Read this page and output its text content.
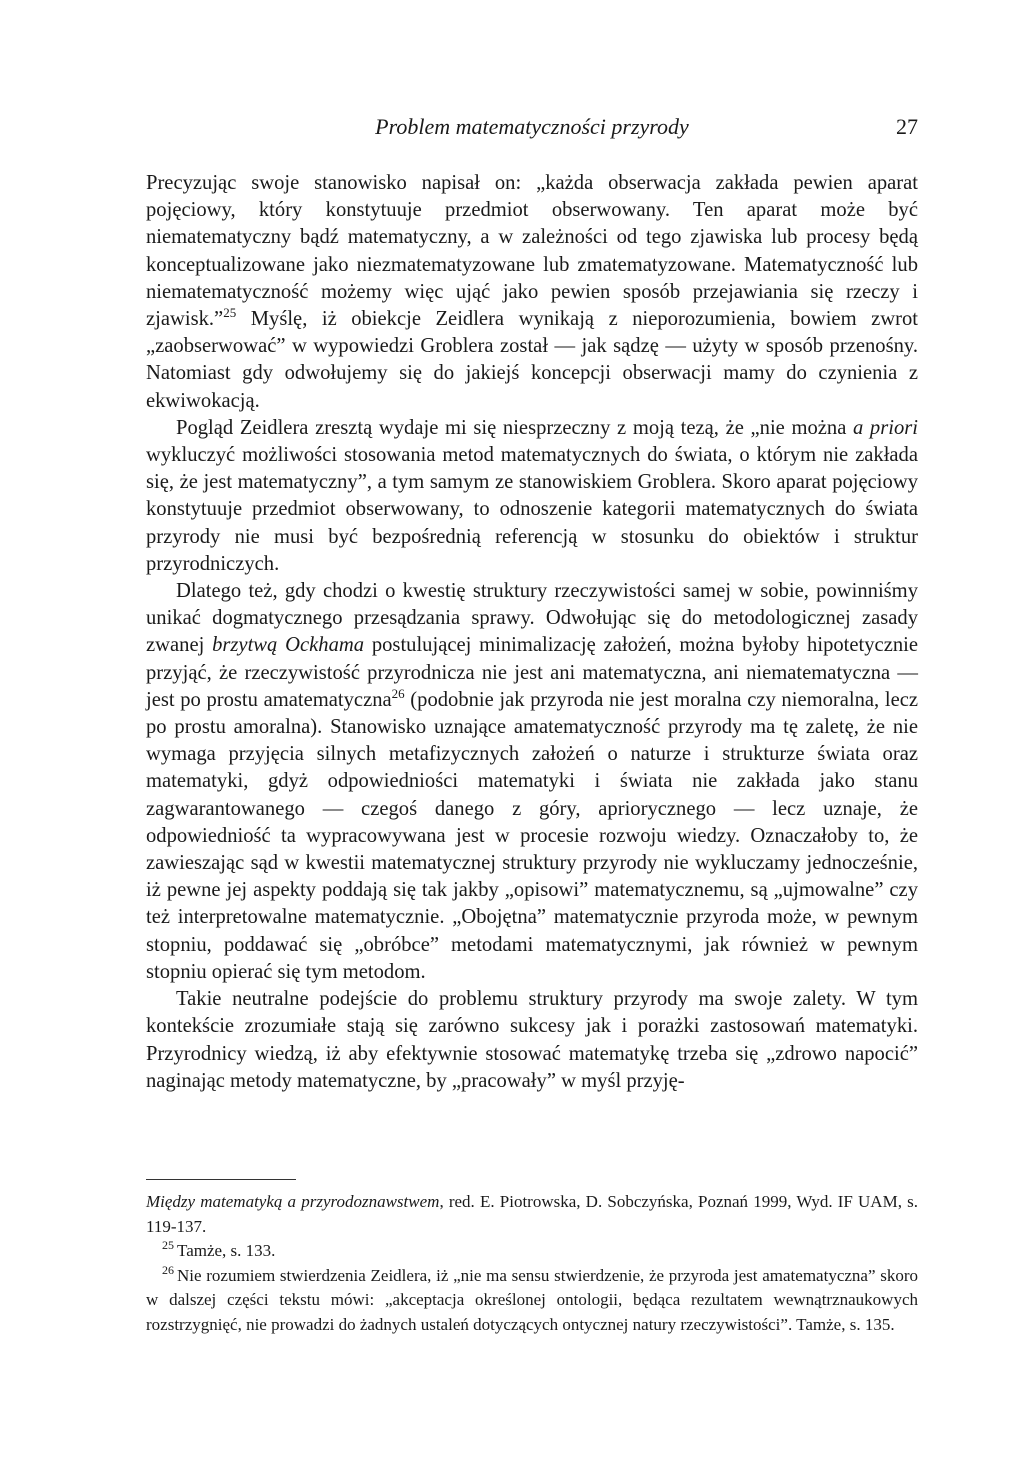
Problem matematyczności przyrody	27

Precyzując swoje stanowisko napisał on: „każda obserwacja zakłada pewien aparat pojęciowy, który konstytuuje przedmiot obserwowany. Ten aparat może być niematematyczny bądź matematyczny, a w zależności od tego zjawiska lub procesy będą konceptualizowane jako niezmatematyzowane lub zmatematyzowane. Matematyczność lub niematematyczność możemy więc ująć jako pewien sposób przejawiania się rzeczy i zjawisk.”$^{25}$ Myślę, iż obiekcje Zeidlera wynikają z nieporozumienia, bowiem zwrot „zaobserwować” w wypowiedzi Groblera został — jak sądzę — użyty w sposób przenośny. Natomiast gdy odwołujemy się do jakiejś koncepcji obserwacji mamy do czynienia z ekwiwokacją.

Pogląd Zeidlera zresztą wydaje mi się niesprzeczny z moją tezą, że „nie można a priori wykluczyć możliwości stosowania metod matematycznych do świata, o którym nie zakłada się, że jest matematyczny”, a tym samym ze stanowiskiem Groblera. Skoro aparat pojęciowy konstytuuje przedmiot obserwowany, to odnoszenie kategorii matematycznych do świata przyrody nie musi być bezpośrednią referencją w stosunku do obiektów i struktur przyrodniczych.

Dlatego też, gdy chodzi o kwestię struktury rzeczywistości samej w sobie, powinniśmy unikać dogmatycznego przesądzania sprawy. Odwołując się do metodologicznej zasady zwanej brzytwą Ockhama postulującej minimalizację założeń, można byłoby hipotetycznie przyjąć, że rzeczywistość przyrodnicza nie jest ani matematyczna, ani niematematyczna — jest po prostu amatematyczna$^{26}$ (podobnie jak przyroda nie jest moralna czy niemoralna, lecz po prostu amoralna). Stanowisko uznające amatematyczność przyrody ma tę zaletę, że nie wymaga przyjęcia silnych metafizycznych założeń o naturze i strukturze świata oraz matematyki, gdyż odpowiedniości matematyki i świata nie zakłada jako stanu zagwarantowanego — czegoś danego z góry, apriorycznego — lecz uznaje, że odpowiedniość ta wypracowywana jest w procesie rozwoju wiedzy. Oznaczałoby to, że zawieszając sąd w kwestii matematycznej struktury przyrody nie wykluczamy jednocześnie, iż pewne jej aspekty poddają się tak jakby „opisowi” matematycznemu, są „ujmowalne” czy też interpretowalne matematycznie. „Obojętna” matematycznie przyroda może, w pewnym stopniu, poddawać się „obróbce” metodami matematycznymi, jak również w pewnym stopniu opierać się tym metodom.

Takie neutralne podejście do problemu struktury przyrody ma swoje zalety. W tym kontekście zrozumiałe stają się zarówno sukcesy jak i porażki zastosowań matematyki. Przyrodnicy wiedzą, iż aby efektywnie stosować matematykę trzeba się „zdrowo napocić” naginając metody matematyczne, by „pracowały” w myśl przyję-

Między matematyką a przyrodoznawstwem, red. E. Piotrowska, D. Sobczyńska, Poznań 1999, Wyd. IF UAM, s. 119-137.

$^{25}$ Tamże, s. 133.

$^{26}$ Nie rozumiem stwierdzenia Zeidlera, iż „nie ma sensu stwierdzenie, że przyroda jest amatematyczna” skoro w dalszej części tekstu mówi: „akceptacja określonej ontologii, będąca rezultatem wewnątrznaukowych rozstrzygnięć, nie prowadzi do żadnych ustaleń dotyczących ontycznej natury rzeczywistości”. Tamże, s. 135.
